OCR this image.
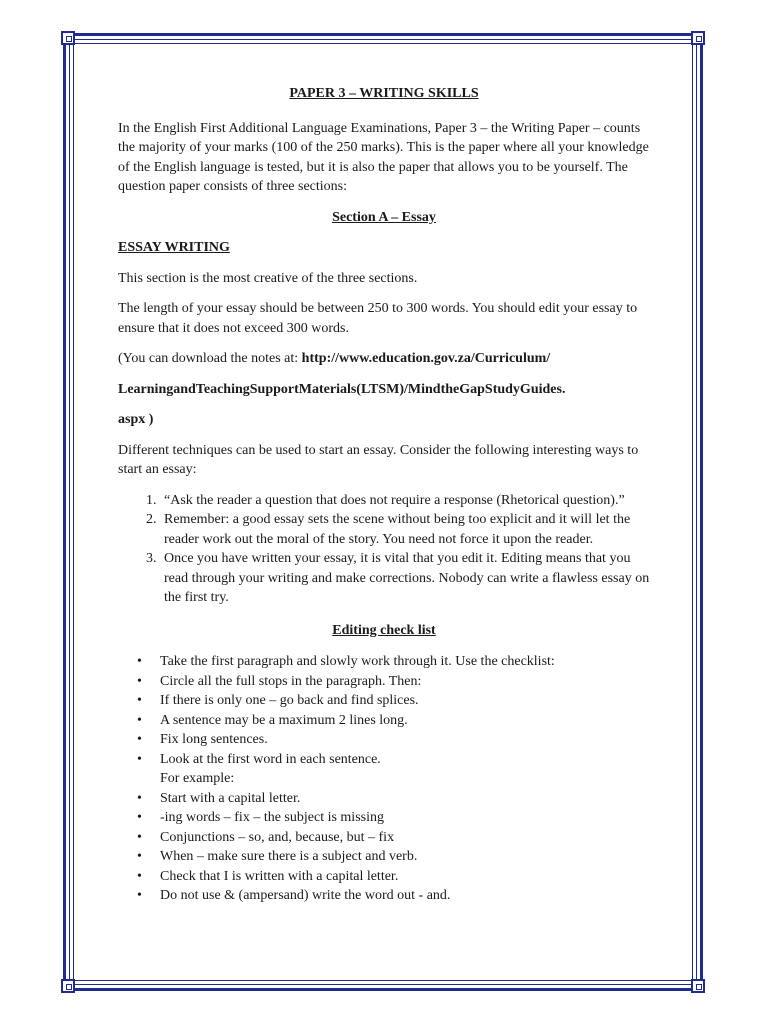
PAPER 3 – WRITING SKILLS

In the English First Additional Language Examinations, Paper 3 – the Writing Paper – counts the majority of your marks (100 of the 250 marks). This is the paper where all your knowledge of the English language is tested, but it is also the paper that allows you to be yourself. The question paper consists of three sections:

Section A – Essay

ESSAY WRITING

This section is the most creative of the three sections.

The length of your essay should be between 250 to 300 words. You should edit your essay to ensure that it does not exceed 300 words.

(You can download the notes at: http://www.education.gov.za/Curriculum/

LearningandTeachingSupportMaterials(LTSM)/MindtheGapStudyGuides.

aspx )

Different techniques can be used to start an essay. Consider the following interesting ways to start an essay:

1. “Ask the reader a question that does not require a response (Rhetorical question).”
2. Remember: a good essay sets the scene without being too explicit and it will let the reader work out the moral of the story. You need not force it upon the reader.
3. Once you have written your essay, it is vital that you edit it. Editing means that you read through your writing and make corrections. Nobody can write a flawless essay on the first try.

Editing check list

• Take the first paragraph and slowly work through it. Use the checklist:
• Circle all the full stops in the paragraph. Then:
• If there is only one – go back and find splices.
• A sentence may be a maximum 2 lines long.
• Fix long sentences.
• Look at the first word in each sentence.
For example:
• Start with a capital letter.
• -ing words – fix – the subject is missing
• Conjunctions – so, and, because, but – fix
• When – make sure there is a subject and verb.
• Check that I is written with a capital letter.
• Do not use & (ampersand) write the word out - and.
